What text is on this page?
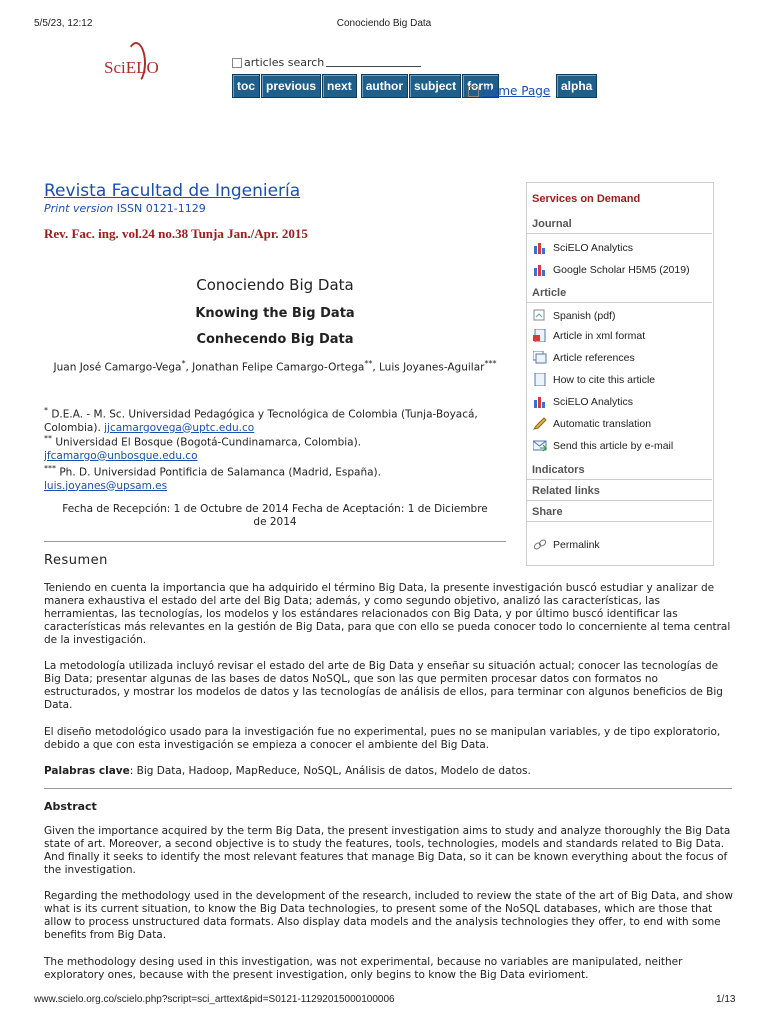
5/5/23, 12:12	Conociendo Big Data
SciELO	articles search
toc previous next	author subject form
Home Page alpha
Revista Facultad de Ingeniería
Print version ISSN 0121-1129
Rev. Fac. ing. vol.24 no.38 Tunja Jan./Apr. 2015
Conociendo Big Data
Knowing the Big Data
Conhecendo Big Data
Juan José Camargo-Vega*, Jonathan Felipe Camargo-Ortega**, Luis Joyanes-Aguilar***
* D.E.A. - M. Sc. Universidad Pedagógica y Tecnológica de Colombia (Tunja-Boyacá, Colombia). jjcamargovega@uptc.edu.co
** Universidad El Bosque (Bogotá-Cundinamarca, Colombia). jfcamargo@unbosque.edu.co
*** Ph. D. Universidad Pontificia de Salamanca (Madrid, España). luis.joyanes@upsam.es
Fecha de Recepción: 1 de Octubre de 2014 Fecha de Aceptación: 1 de Diciembre de 2014
Resumen
Teniendo en cuenta la importancia que ha adquirido el término Big Data, la presente investigación buscó estudiar y analizar de manera exhaustiva el estado del arte del Big Data; además, y como segundo objetivo, analizó las características, las herramientas, las tecnologías, los modelos y los estándares relacionados con Big Data, y por último buscó identificar las características más relevantes en la gestión de Big Data, para que con ello se pueda conocer todo lo concerniente al tema central de la investigación.
La metodología utilizada incluyó revisar el estado del arte de Big Data y enseñar su situación actual; conocer las tecnologías de Big Data; presentar algunas de las bases de datos NoSQL, que son las que permiten procesar datos con formatos no estructurados, y mostrar los modelos de datos y las tecnologías de análisis de ellos, para terminar con algunos beneficios de Big Data.
El diseño metodológico usado para la investigación fue no experimental, pues no se manipulan variables, y de tipo exploratorio, debido a que con esta investigación se empieza a conocer el ambiente del Big Data.
Palabras clave: Big Data, Hadoop, MapReduce, NoSQL, Análisis de datos, Modelo de datos.
Abstract
Given the importance acquired by the term Big Data, the present investigation aims to study and analyze thoroughly the Big Data state of art. Moreover, a second objective is to study the features, tools, technologies, models and standards related to Big Data. And finally it seeks to identify the most relevant features that manage Big Data, so it can be known everything about the focus of the investigation.
Regarding the methodology used in the development of the research, included to review the state of the art of Big Data, and show what is its current situation, to know the Big Data technologies, to present some of the NoSQL databases, which are those that allow to process unstructured data formats. Also display data models and the analysis technologies they offer, to end with some benefits from Big Data.
The methodology desing used in this investigation, was not experimental, because no variables are manipulated, neither exploratory ones, because with the present investigation, only begins to know the Big Data evirioment.
Services on Demand
Journal
SciELO Analytics
Google Scholar H5M5 (2019)
Article
Spanish (pdf)
Article in xml format
Article references
How to cite this article
SciELO Analytics
Automatic translation
Send this article by e-mail
Indicators
Related links
Share
Permalink
www.scielo.org.co/scielo.php?script=sci_arttext&pid=S0121-11292015000100006	1/13
